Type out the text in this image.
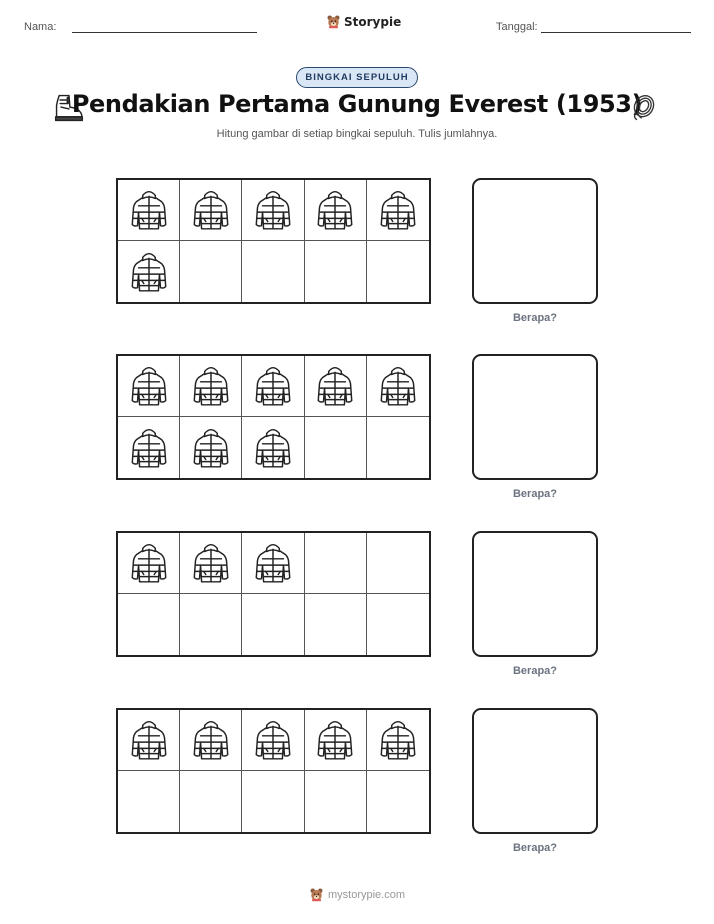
Nama:	Storypie	Tanggal:
BINGKAI SEPULUH
Pendakian Pertama Gunung Everest (1953)
Hitung gambar di setiap bingkai sepuluh. Tulis jumlahnya.
Berapa?
Berapa?
Berapa?
Berapa?
mystorypie.com
